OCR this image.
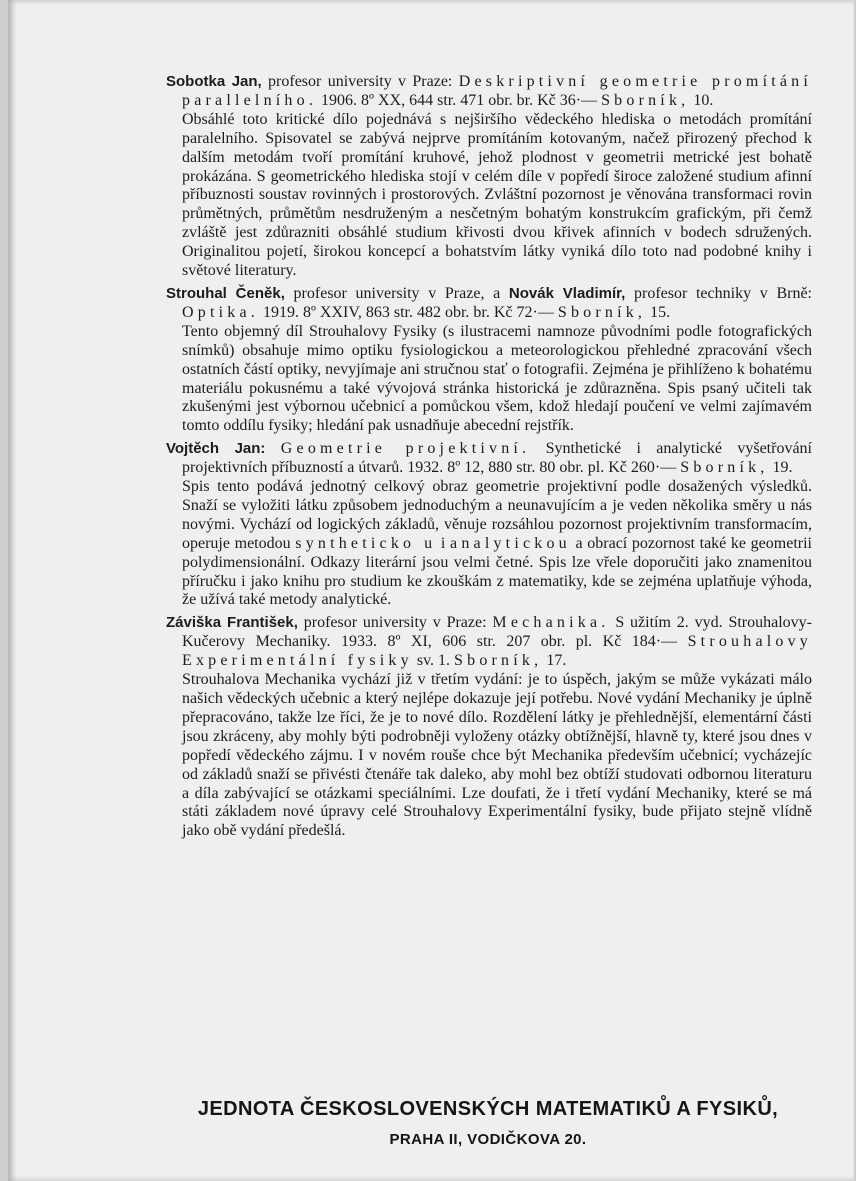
Sobotka Jan, profesor university v Praze: Deskriptivní geometrie promítání parallelního. 1906. 8º XX, 644 str. 471 obr. br. Kč 36·— Sborník, 10.

Obsáhlé toto kritické dílo pojednává s nejširšího vědeckého hlediska o metodách promítání paralelního. Spisovatel se zabývá nejprve promítáním kotovaným, načež přirozený přechod k dalším metodám tvoří promítání kruhové, jehož plodnost v geometrii metrické jest bohatě prokázána. S geometrického hlediska stojí v celém díle v popředí široce založené studium afinní příbuznosti soustav rovinných i prostorových. Zvláštní pozornost je věnována transformaci rovin průmětných, průmětům nesdruženým a nesčetným bohatým konstrukcím grafickým, při čemž zvláště jest zdůrazniti obsáhlé studium křivosti dvou křivek afinních v bodech sdružených. Originalitou pojetí, širokou koncepcí a bohatstvím látky vyniká dílo toto nad podobné knihy i světové literatury.

Strouhal Čeněk, profesor university v Praze, a Novák Vladimír, profesor techniky v Brně: Optika. 1919. 8º XXIV, 863 str. 482 obr. br. Kč 72·— Sborník, 15.

Tento objemný díl Strouhalovy Fysiky (s ilustracemi namnoze původními podle fotografických snímků) obsahuje mimo optiku fysiologickou a meteorologickou přehledné zpracování všech ostatních částí optiky, nevyjímaje ani stručnou stať o fotografii. Zejména je přihlíženo k bohatému materiálu pokusnému a také vývojová stránka historická je zdůrazněna. Spis psaný učiteli tak zkušenými jest výbornou učebnicí a pomůckou všem, kdož hledají poučení ve velmi zajímavém tomto oddílu fysiky; hledání pak usnadňuje abecední rejstřík.

Vojtěch Jan: Geometrie projektivní. Synthetické i analytické vyšetřování projektivních příbuzností a útvarů. 1932. 8º 12, 880 str. 80 obr. pl. Kč 260·— Sborník, 19.

Spis tento podává jednotný celkový obraz geometrie projektivní podle dosažených výsledků. Snaží se vyložiti látku způsobem jednoduchým a neunavujícím a je veden několika směry u nás novými. Vychází od logických základů, věnuje rozsáhlou pozornost projektivním transformacím, operuje metodou syntheticko u i analytickou a obrací pozornost také ke geometrii polydimensionální. Odkazy literární jsou velmi četné. Spis lze vřele doporučiti jako znamenitou příručku i jako knihu pro studium ke zkouškám z matematiky, kde se zejména uplatňuje výhoda, že užívá také metody analytické.

Záviška František, profesor university v Praze: Mechanika. S užitím 2. vyd. Strouhalovy-Kučerovy Mechaniky. 1933. 8º XI, 606 str. 207 obr. pl. Kč 184·— Strouhalovy Experimentální fysiky sv. 1. Sborník, 17.

Strouhalova Mechanika vychází již v třetím vydání: je to úspěch, jakým se může vykázati málo našich vědeckých učebnic a který nejlépe dokazuje její potřebu. Nové vydání Mechaniky je úplně přepracováno, takže lze říci, že je to nové dílo. Rozdělení látky je přehlednější, elementární části jsou zkráceny, aby mohly býti podrobněji vyloženy otázky obtížnější, hlavně ty, které jsou dnes v popředí vědeckého zájmu. I v novém rouše chce být Mechanika především učebnicí; vycházejíc od základů snaží se přivésti čtenáře tak daleko, aby mohl bez obtíží studovati odbornou literaturu a díla zabývající se otázkami speciálními. Lze doufati, že i třetí vydání Mechaniky, které se má státi základem nové úpravy celé Strouhalovy Experimentální fysiky, bude přijato stejně vlídně jako obě vydání předešlá.

JEDNOTA ČESKOSLOVENSKÝCH MATEMATIKŮ A FYSIKŮ,
PRAHA II, VODIČKOVA 20.
